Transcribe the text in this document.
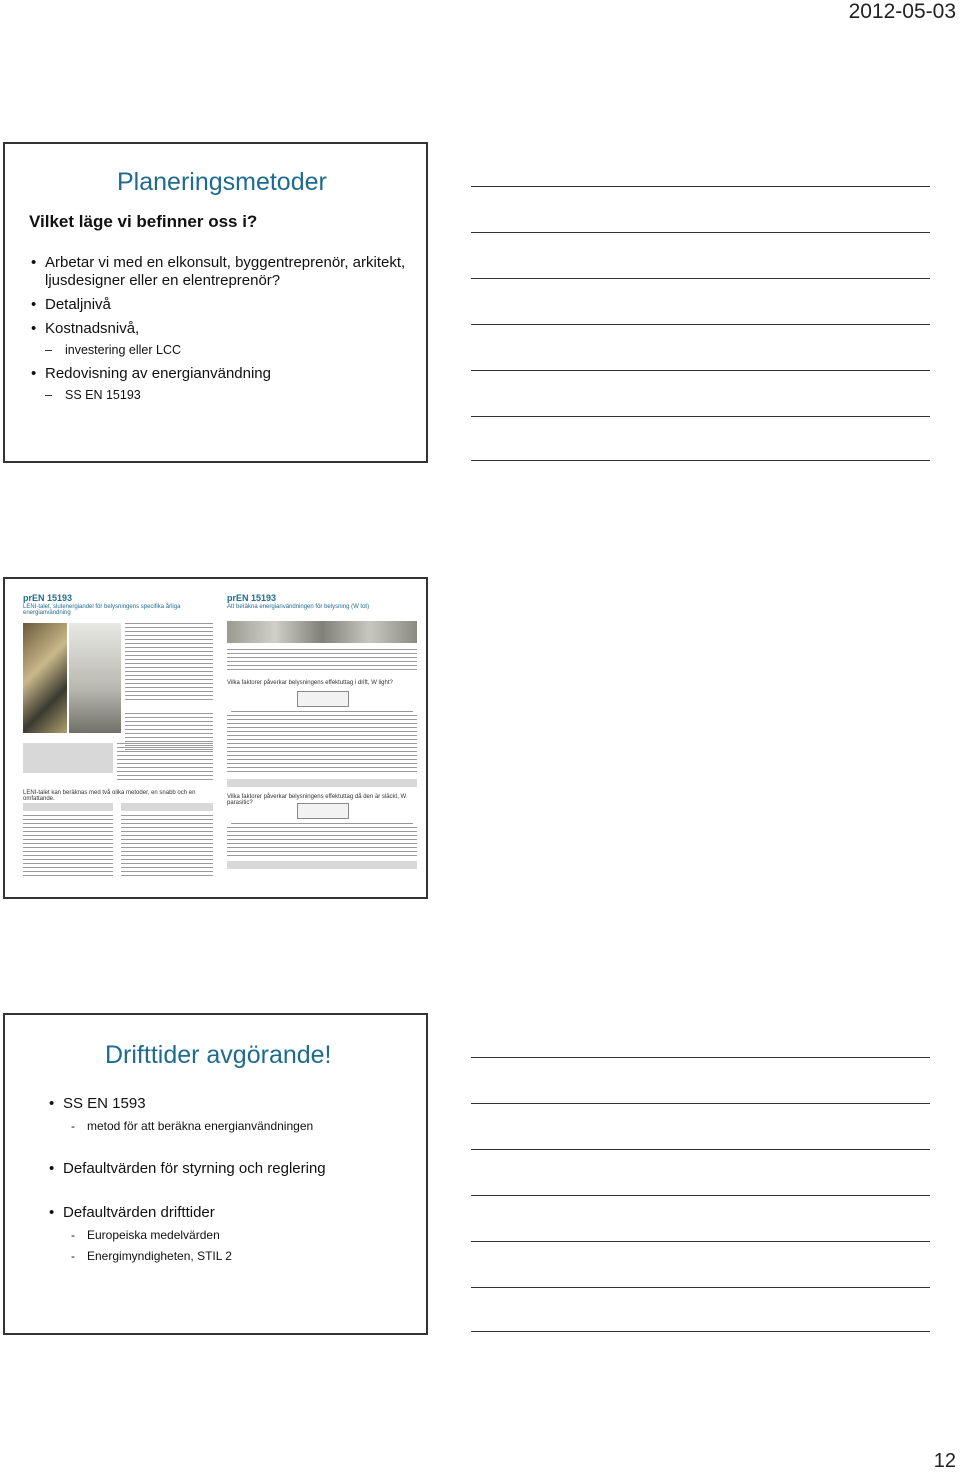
2012-05-03
Planeringsmetoder
Vilket läge vi befinner oss i?
• Arbetar vi med en elkonsult, byggentreprenör, arkitekt, ljusdesigner eller en elentreprenör?
• Detaljnivå
• Kostnadsnivå,
– investering eller LCC
• Redovisning av energianvändning
– SS EN 15193
prEN 15193
LENI-talet, slutenergiandel för belysningens specifika årliga energianvändning
LENI-talet kan beräknas med två olika metoder, en snabb och en omfattande.
prEN 15193
Att beräkna energianvändningen för belysning (W tot)
Vilka faktorer påverkar belysningens effektuttag i drift, W light?
Vilka faktorer påverkar belysningens effektuttag då den är släckt, W parasitic?
Drifttider avgörande!
• SS EN 1593
- metod för att beräkna energianvändningen
• Defaultvärden för styrning och reglering
• Defaultvärden drifttider
- Europeiska medelvärden
- Energimyndigheten, STIL 2
12
